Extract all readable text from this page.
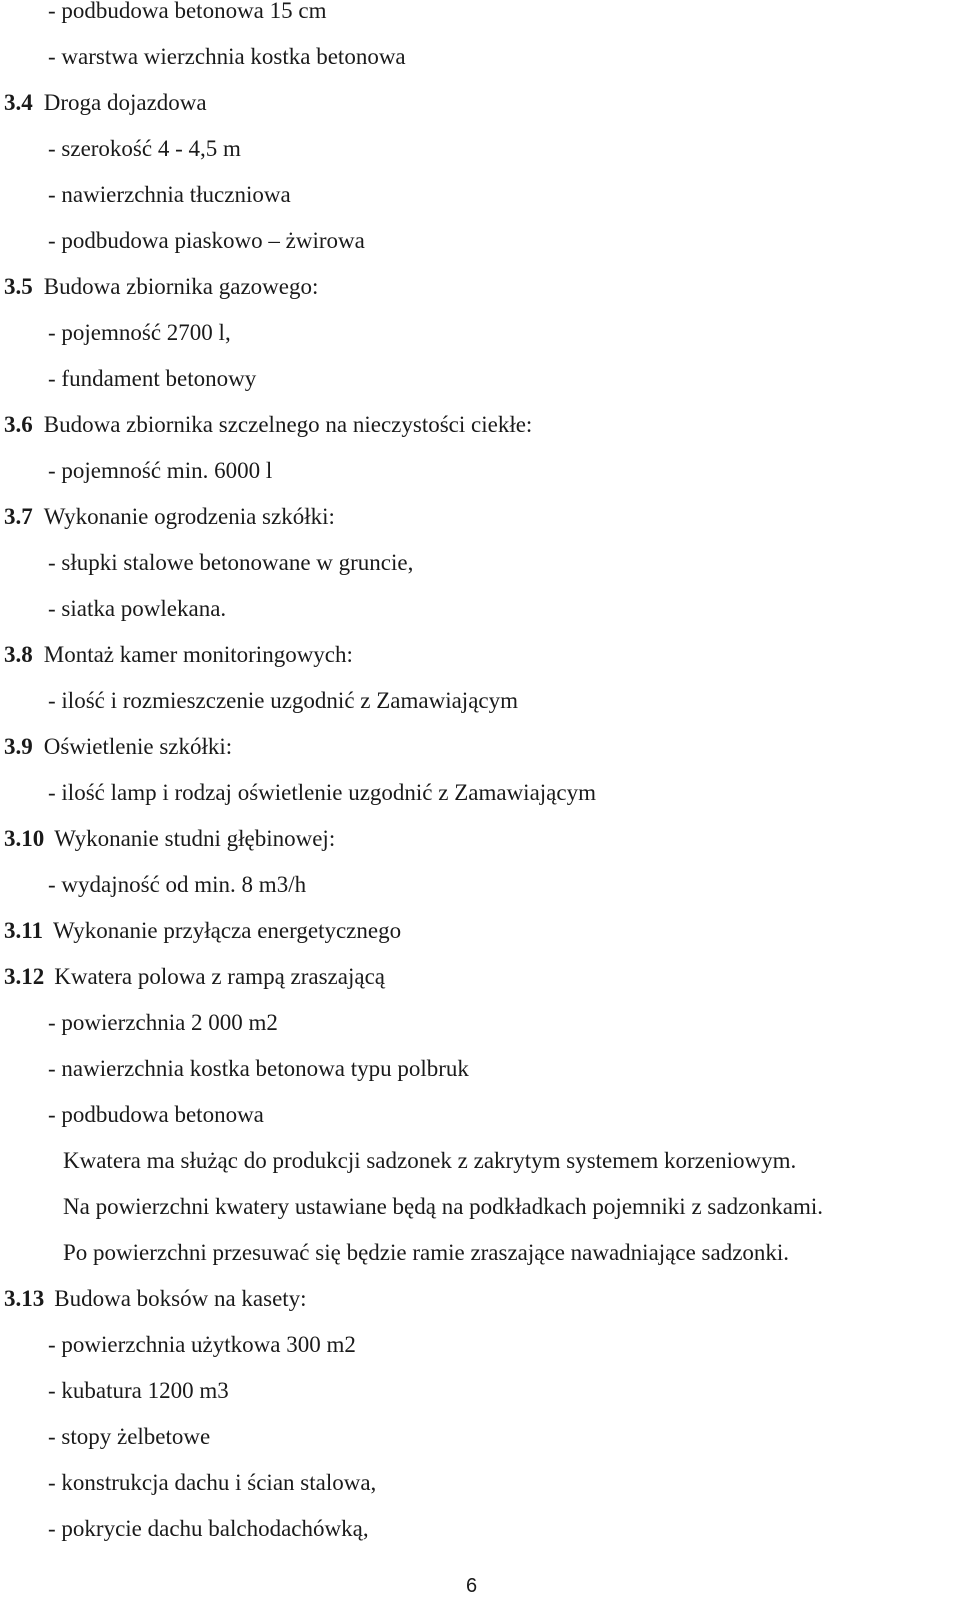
- podbudowa betonowa 15 cm
- warstwa wierzchnia kostka betonowa
3.4 Droga dojazdowa
- szerokość 4 - 4,5 m
- nawierzchnia tłuczniowa
- podbudowa piaskowo – żwirowa
3.5 Budowa zbiornika gazowego:
- pojemność 2700 l,
- fundament betonowy
3.6 Budowa zbiornika szczelnego na nieczystości ciekłe:
- pojemność min. 6000 l
3.7 Wykonanie ogrodzenia szkółki:
- słupki stalowe betonowane w gruncie,
- siatka powlekana.
3.8 Montaż kamer monitoringowych:
- ilość i rozmieszczenie uzgodnić z Zamawiającym
3.9 Oświetlenie szkółki:
- ilość lamp i rodzaj oświetlenie uzgodnić z Zamawiającym
3.10 Wykonanie studni głębinowej:
- wydajność od min. 8 m3/h
3.11 Wykonanie przyłącza energetycznego
3.12 Kwatera polowa z rampą zraszającą
- powierzchnia 2 000 m2
- nawierzchnia kostka betonowa typu polbruk
- podbudowa betonowa
Kwatera ma służąc do produkcji sadzonek z zakrytym systemem korzeniowym.
Na powierzchni kwatery ustawiane będą na podkładkach pojemniki z sadzonkami.
Po powierzchni przesuwać się będzie ramie zraszające nawadniające sadzonki.
3.13 Budowa boksów na kasety:
- powierzchnia użytkowa 300 m2
- kubatura 1200 m3
- stopy żelbetowe
- konstrukcja dachu i ścian stalowa,
- pokrycie dachu balchodachówką,
6
